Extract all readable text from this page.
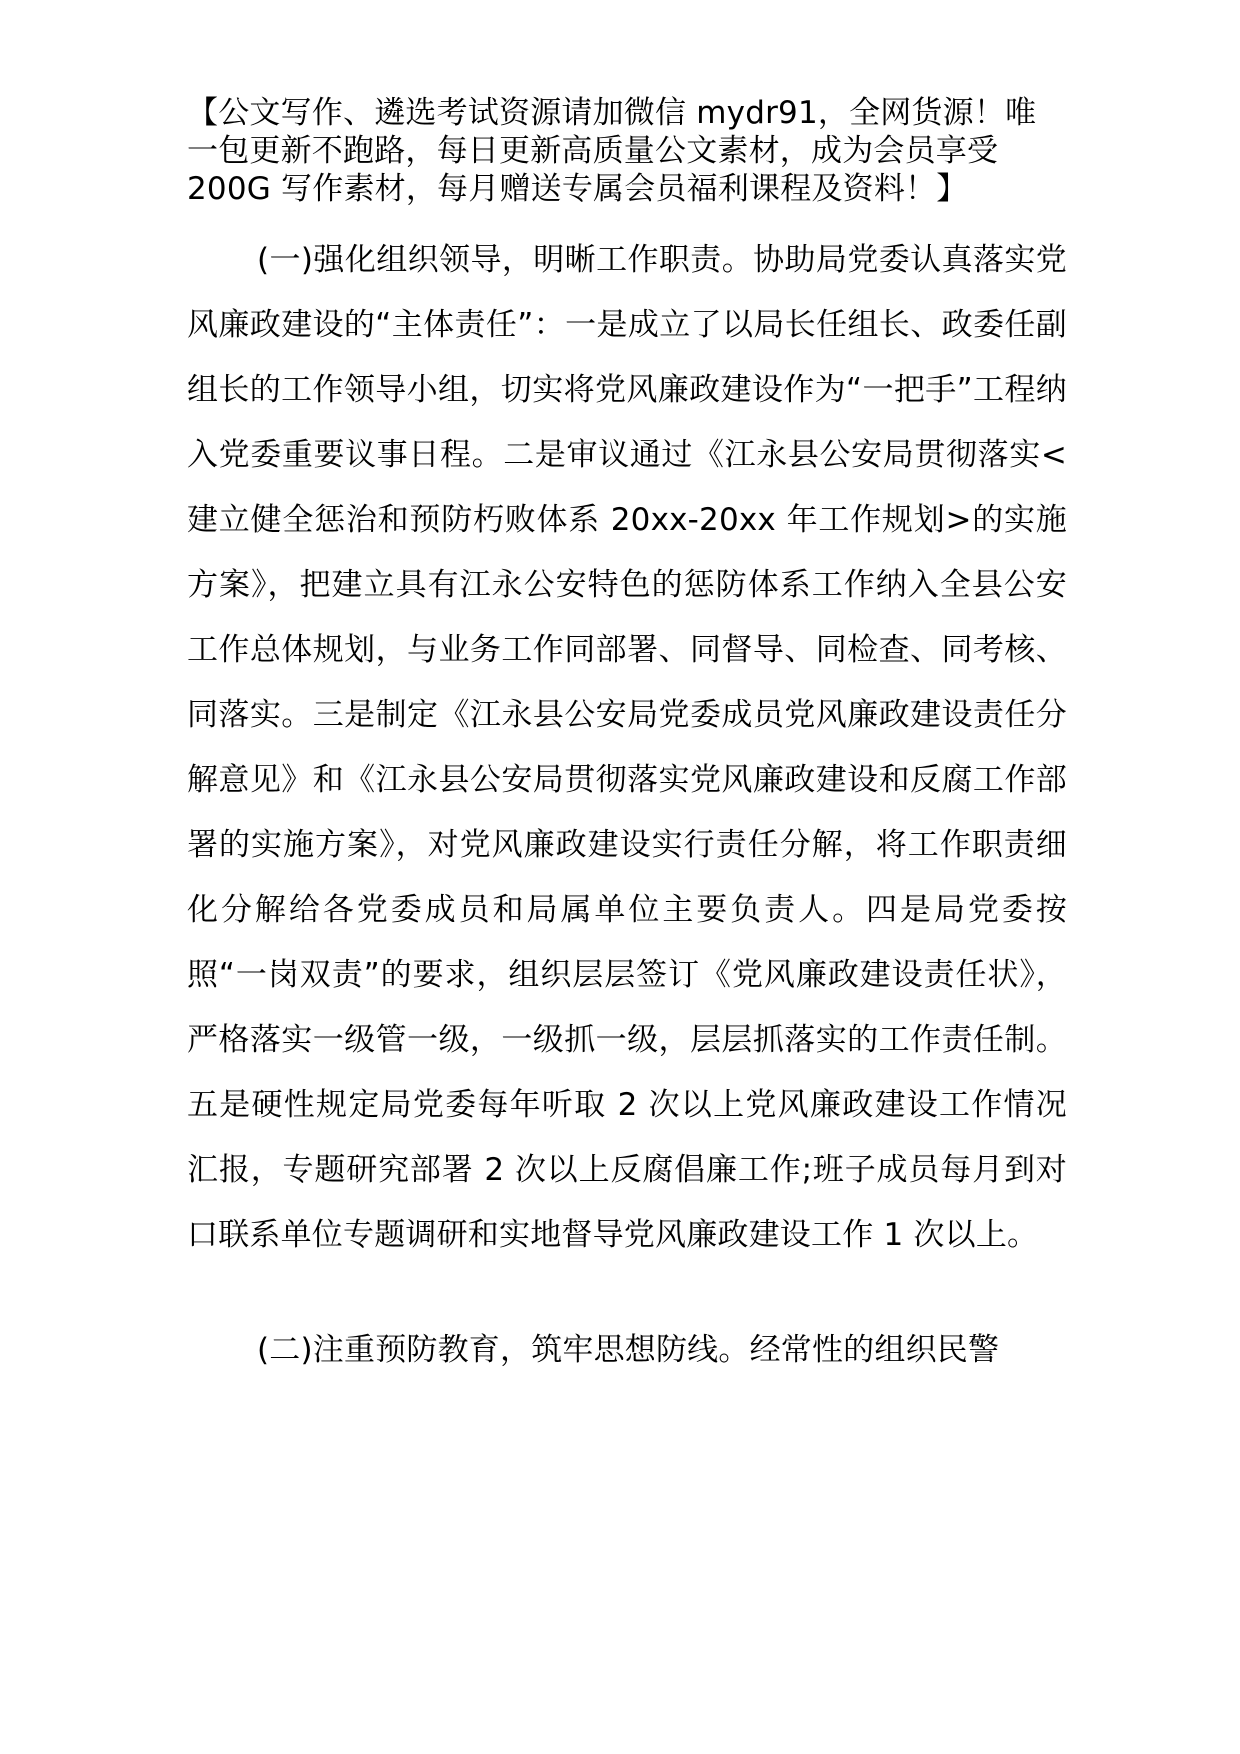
【公文写作、遴选考试资源请加微信 mydr91，全网货源！唯一包更新不跑路，每日更新高质量公文素材，成为会员享受 200G 写作素材，每月赠送专属会员福利课程及资料！】

(一)强化组织领导，明晰工作职责。协助局党委认真落实党风廉政建设的“主体责任”：一是成立了以局长任组长、政委任副组长的工作领导小组，切实将党风廉政建设作为“一把手”工程纳入党委重要议事日程。二是审议通过《江永县公安局贯彻落实<建立健全惩治和预防朽败体系 20xx-20xx 年工作规划>的实施方案》，把建立具有江永公安特色的惩防体系工作纳入全县公安工作总体规划，与业务工作同部署、同督导、同检查、同考核、同落实。三是制定《江永县公安局党委成员党风廉政建设责任分解意见》和《江永县公安局贯彻落实党风廉政建设和反腐工作部署的实施方案》，对党风廉政建设实行责任分解，将工作职责细化分解给各党委成员和局属单位主要负责人。四是局党委按照“一岗双责”的要求，组织层层签订《党风廉政建设责任状》，严格落实一级管一级，一级抓一级，层层抓落实的工作责任制。五是硬性规定局党委每年听取 2 次以上党风廉政建设工作情况汇报，专题研究部署 2 次以上反腐倡廉工作;班子成员每月到对口联系单位专题调研和实地督导党风廉政建设工作 1 次以上。

(二)注重预防教育，筑牢思想防线。经常性的组织民警
